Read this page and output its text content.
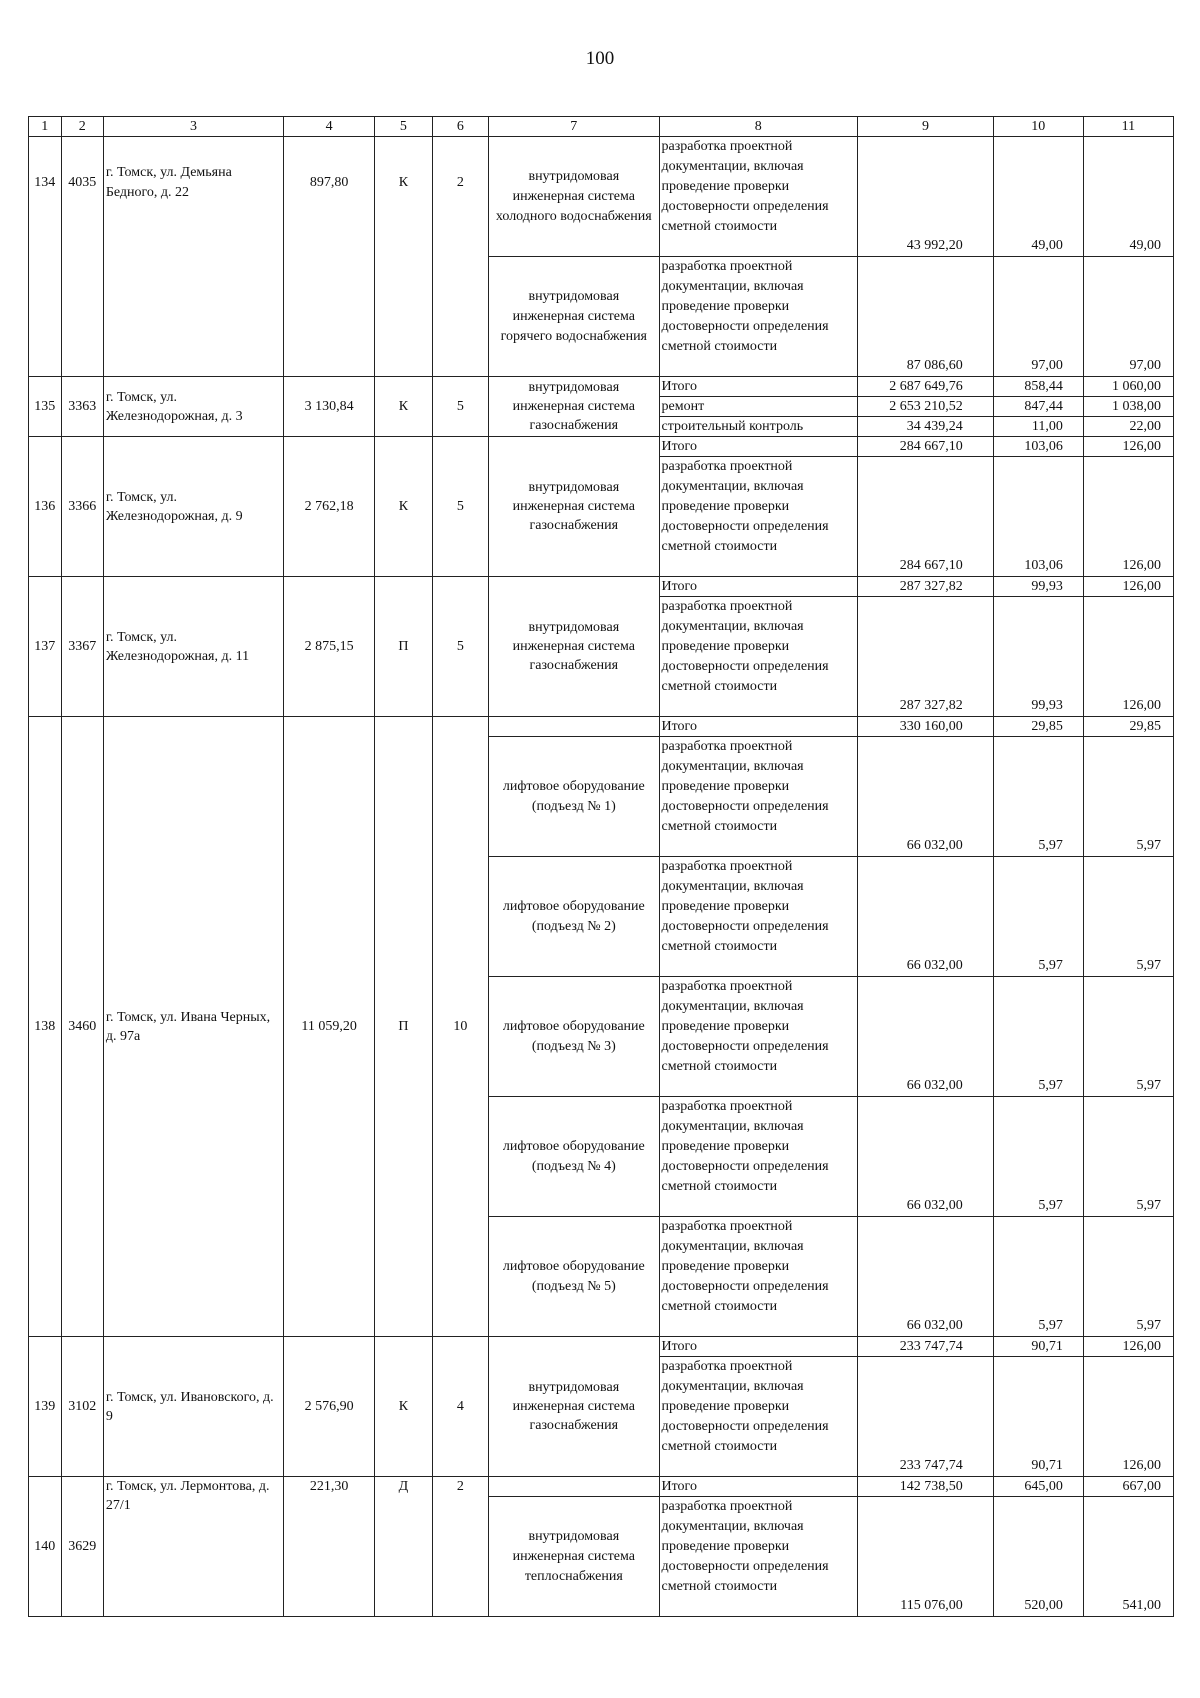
100
1	2	3	4	5	6	7	8	9	10	11
134	4035	г. Томск, ул. Демьяна Бедного, д. 22	897,80	К	2	внутридомовая инженерная система холодного водоснабжения	разработка проектной документации, включая проведение проверки достоверности определения сметной стоимости	43 992,20	49,00	49,00
						внутридомовая инженерная система горячего водоснабжения	разработка проектной документации, включая проведение проверки достоверности определения сметной стоимости	87 086,60	97,00	97,00
135	3363	г. Томск, ул. Железнодорожная, д. 3	3 130,84	К	5	внутридомовая инженерная система газоснабжения	Итого	2 687 649,76	858,44	1 060,00
							ремонт	2 653 210,52	847,44	1 038,00
							строительный контроль	34 439,24	11,00	22,00
136	3366	г. Томск, ул. Железнодорожная, д. 9	2 762,18	К	5	внутридомовая инженерная система газоснабжения	Итого	284 667,10	103,06	126,00
							разработка проектной документации, включая проведение проверки достоверности определения сметной стоимости	284 667,10	103,06	126,00
137	3367	г. Томск, ул. Железнодорожная, д. 11	2 875,15	П	5	внутридомовая инженерная система газоснабжения	Итого	287 327,82	99,93	126,00
							разработка проектной документации, включая проведение проверки достоверности определения сметной стоимости	287 327,82	99,93	126,00
138	3460	г. Томск, ул. Ивана Черных, д. 97а	11 059,20	П	10		Итого	330 160,00	29,85	29,85
						лифтовое оборудование (подъезд № 1)	разработка проектной документации, включая проведение проверки достоверности определения сметной стоимости	66 032,00	5,97	5,97
						лифтовое оборудование (подъезд № 2)	разработка проектной документации, включая проведение проверки достоверности определения сметной стоимости	66 032,00	5,97	5,97
						лифтовое оборудование (подъезд № 3)	разработка проектной документации, включая проведение проверки достоверности определения сметной стоимости	66 032,00	5,97	5,97
						лифтовое оборудование (подъезд № 4)	разработка проектной документации, включая проведение проверки достоверности определения сметной стоимости	66 032,00	5,97	5,97
						лифтовое оборудование (подъезд № 5)	разработка проектной документации, включая проведение проверки достоверности определения сметной стоимости	66 032,00	5,97	5,97
139	3102	г. Томск, ул. Ивановского, д. 9	2 576,90	К	4	внутридомовая инженерная система газоснабжения	Итого	233 747,74	90,71	126,00
							разработка проектной документации, включая проведение проверки достоверности определения сметной стоимости	233 747,74	90,71	126,00
140	3629	г. Томск, ул. Лермонтова, д. 27/1	221,30	Д	2		Итого	142 738,50	645,00	667,00
						внутридомовая инженерная система теплоснабжения	разработка проектной документации, включая проведение проверки достоверности определения сметной стоимости	115 076,00	520,00	541,00
